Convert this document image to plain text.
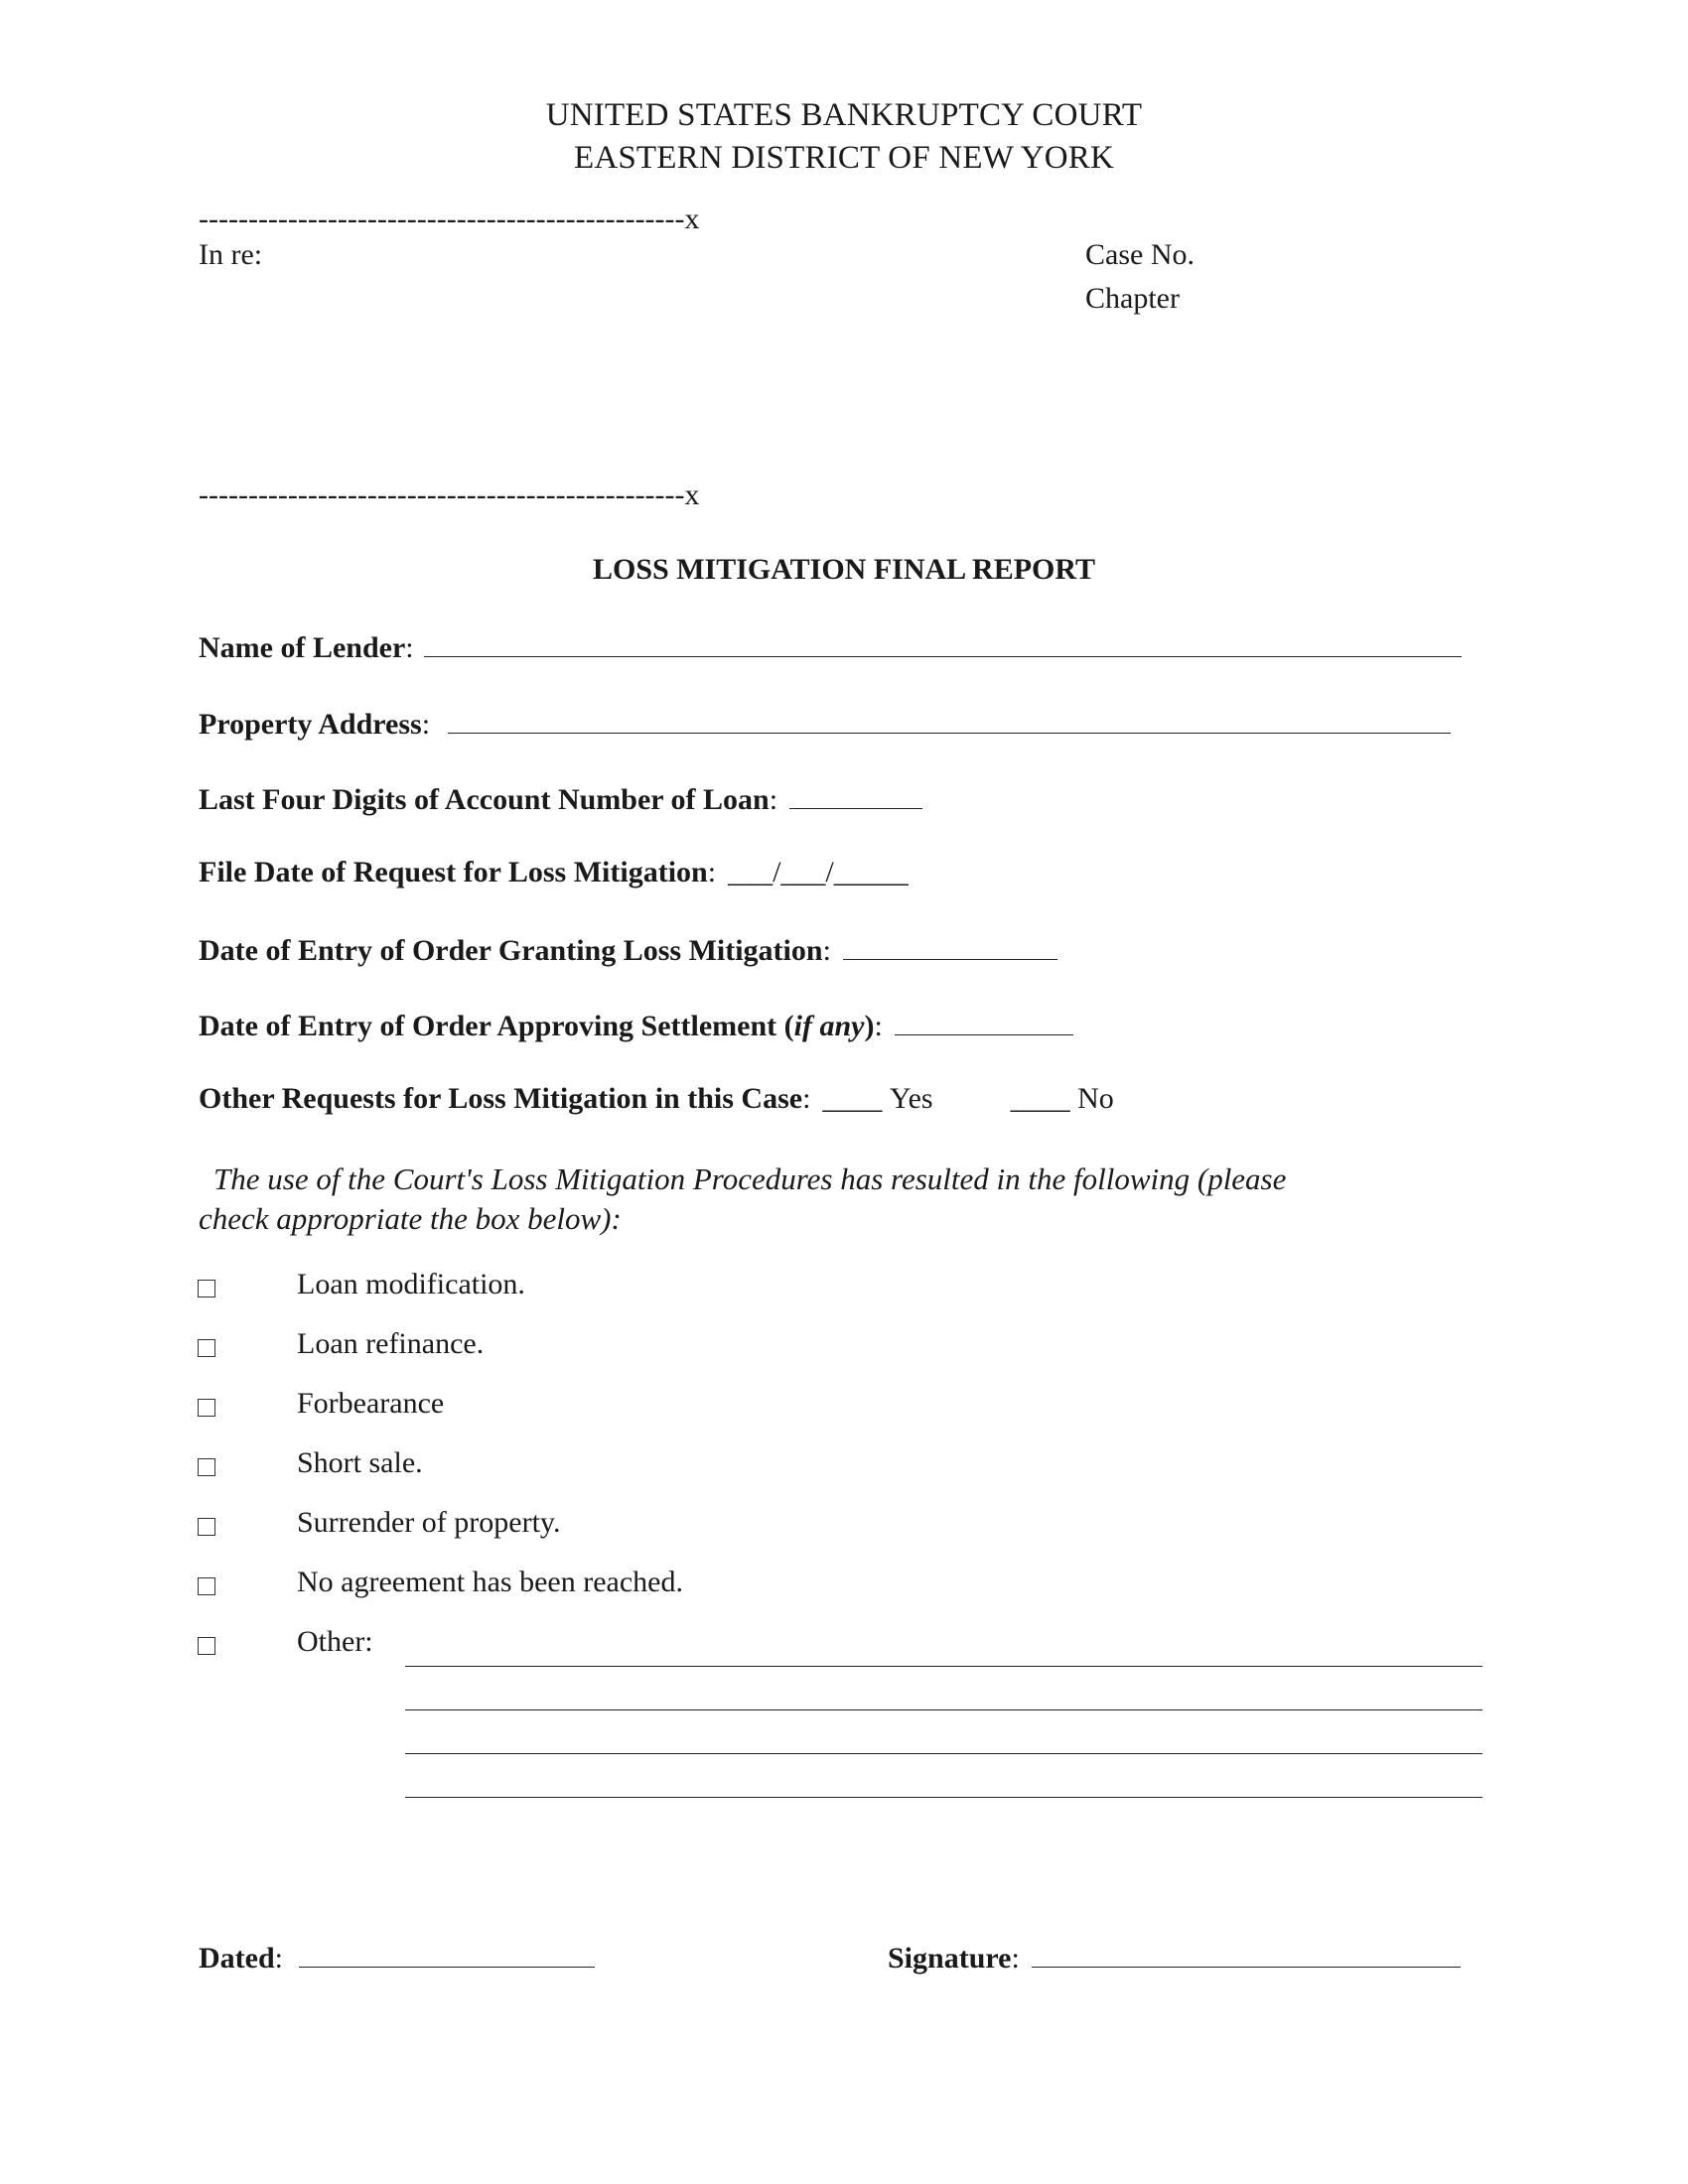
UNITED STATES BANKRUPTCY COURT
EASTERN DISTRICT OF NEW YORK
-------------------------------------------------x
In re:	Case No.
Chapter
-------------------------------------------------x
LOSS MITIGATION FINAL REPORT
Name of Lender :
Property Address :
Last Four Digits of Account Number of Loan :
File Date of Request for Loss Mitigation : ___/___/_____
Date of Entry of Order Granting Loss Mitigation :
Date of Entry of Order Approving Settlement
( if any ) :
Other Requests for Loss Mitigation in this Case : ____
Yes	____
No
The use of the Court's Loss Mitigation Procedures has resulted in the following (please
check appropriate the box below):
Loan modification.
Loan refinance.
Forbearance
Short sale.
Surrender of property.
No agreement has been reached.
Other:
Dated :	Signature :
